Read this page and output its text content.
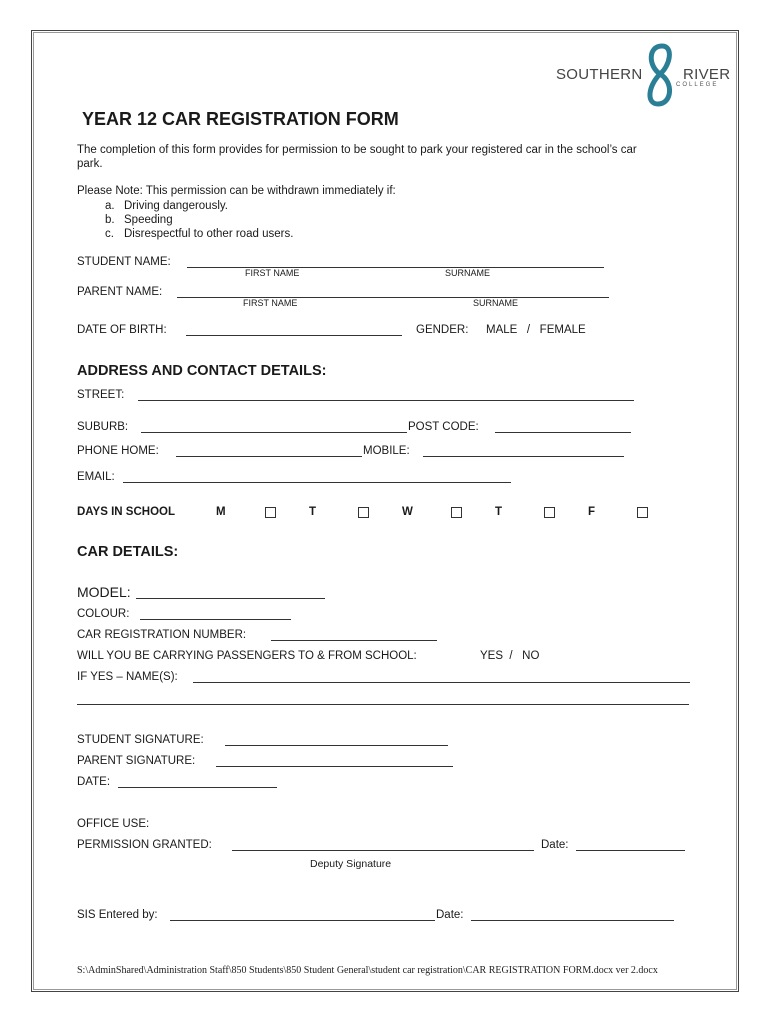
SOUTHERN	RIVER
COLLEGE
YEAR 12 CAR REGISTRATION FORM
The completion of this form provides for permission to be sought to park your registered car in the school’s car
park.
Please Note: This permission can be withdrawn immediately if:
a. Driving dangerously.
b. Speeding
c. Disrespectful to other road users.
STUDENT NAME:
FIRST NAME	SURNAME
PARENT NAME:
FIRST NAME	SURNAME
DATE OF BIRTH:	GENDER: MALE   /   FEMALE
ADDRESS AND CONTACT DETAILS:
STREET:
SUBURB:	POST CODE:
PHONE HOME:	MOBILE:
EMAIL:
DAYS IN SCHOOL	M	T	W	T	F
CAR DETAILS:
MODEL:
COLOUR:
CAR REGISTRATION NUMBER:
WILL YOU BE CARRYING PASSENGERS TO & FROM SCHOOL:	YES  /   NO
IF YES – NAME(S):
STUDENT SIGNATURE:
PARENT SIGNATURE:
DATE:
OFFICE USE:
PERMISSION GRANTED:	Date:
Deputy Signature
SIS Entered by:	Date:
S:\AdminShared\Administration Staff\850 Students\850 Student General\student car registration\CAR REGISTRATION FORM.docx ver 2.docx
